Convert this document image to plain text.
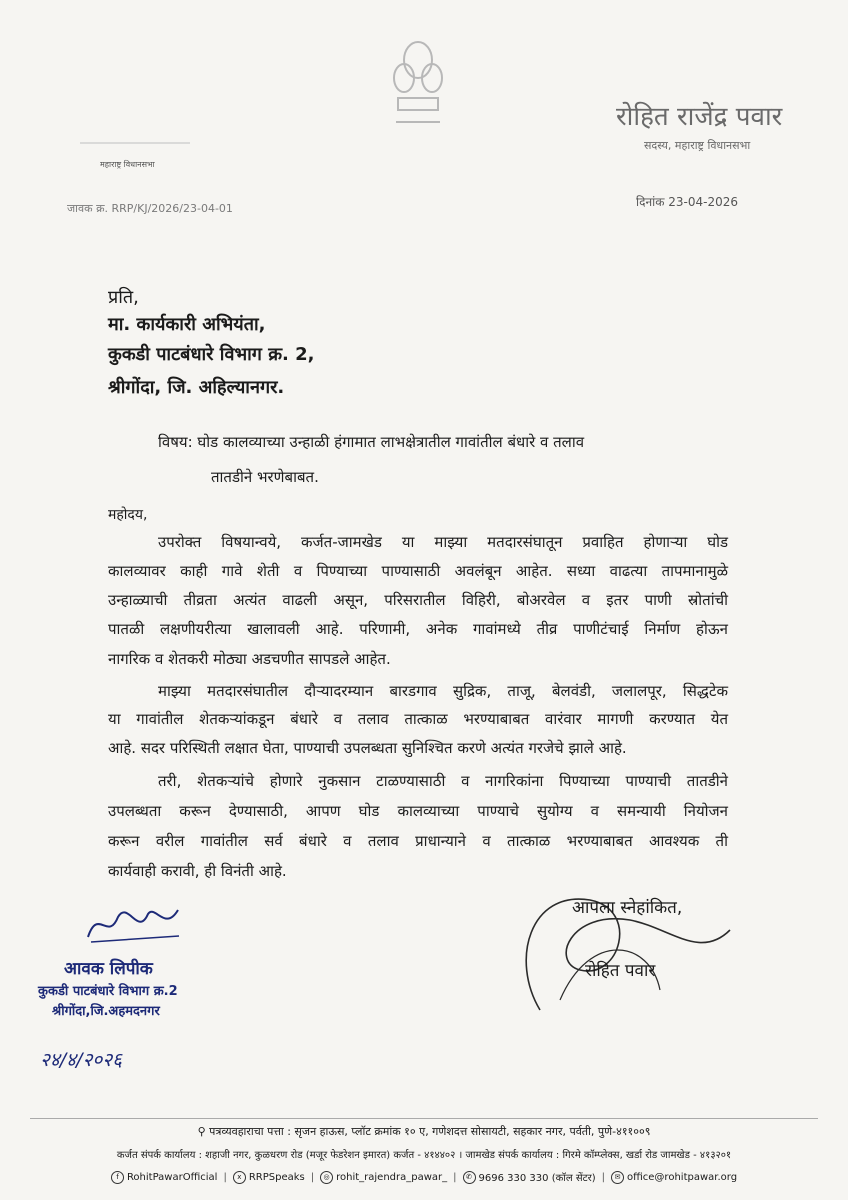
महाराष्ट्र विधानसभा
रोहित राजेंद्र पवार
सदस्य, महाराष्ट्र विधानसभा
जावक क्र. RRP/KJ/2026/23-04-01	दिनांक 23-04-2026
प्रति,
मा. कार्यकारी अभियंता,
कुकडी पाटबंधारे विभाग क्र. 2,
श्रीगोंदा, जि. अहिल्यानगर.
विषय: घोड कालव्याच्या उन्हाळी हंगामात लाभक्षेत्रातील गावांतील बंधारे व तलाव
तातडीने भरणेबाबत.
महोदय,
उपरोक्त विषयान्वये, कर्जत-जामखेड या माझ्या मतदारसंघातून प्रवाहित होणाऱ्या घोड
कालव्यावर काही गावे शेती व पिण्याच्या पाण्यासाठी अवलंबून आहेत. सध्या वाढत्या तापमानामुळे
उन्हाळ्याची तीव्रता अत्यंत वाढली असून, परिसरातील विहिरी, बोअरवेल व इतर पाणी स्रोतांची
पातळी लक्षणीयरीत्या खालावली आहे. परिणामी, अनेक गावांमध्ये तीव्र पाणीटंचाई निर्माण होऊन
नागरिक व शेतकरी मोठ्या अडचणीत सापडले आहेत.
माझ्या मतदारसंघातील दौऱ्यादरम्यान बारडगाव सुद्रिक, ताजू, बेलवंडी, जलालपूर, सिद्धटेक
या गावांतील शेतकऱ्यांकडून बंधारे व तलाव तात्काळ भरण्याबाबत वारंवार मागणी करण्यात येत
आहे. सदर परिस्थिती लक्षात घेता, पाण्याची उपलब्धता सुनिश्चित करणे अत्यंत गरजेचे झाले आहे.
तरी, शेतकऱ्यांचे होणारे नुकसान टाळण्यासाठी व नागरिकांना पिण्याच्या पाण्याची तातडीने
उपलब्धता करून देण्यासाठी, आपण घोड कालव्याच्या पाण्याचे सुयोग्य व समन्यायी नियोजन
करून वरील गावांतील सर्व बंधारे व तलाव प्राधान्याने व तात्काळ भरण्याबाबत आवश्यक ती
कार्यवाही करावी, ही विनंती आहे.
आपला स्नेहांकित,
रोहित पवार
आवक लिपीक
कुकडी पाटबंधारे विभाग क्र.2
श्रीगोंदा,जि.अहमदनगर
२४/४/२०२६
⚲ पत्रव्यवहाराचा पत्ता : सृजन हाऊस, प्लॉट क्रमांक १० ए, गणेशदत्त सोसायटी, सहकार नगर, पर्वती, पुणे-४११००९
कर्जत संपर्क कार्यालय : शहाजी नगर, कुळधरण रोड (मजूर फेडरेशन इमारत) कर्जत - ४१४४०२ । जामखेड संपर्क कार्यालय : गिरमे कॉम्प्लेक्स, खर्डा रोड जामखेड - ४१३२०१
f RohitPawarOfficial |	x RRPSpeaks |	◎ rohit_rajendra_pawar_ |	✆ 9696 330 330 (कॉल सेंटर) |	✉ office@rohitpawar.org
